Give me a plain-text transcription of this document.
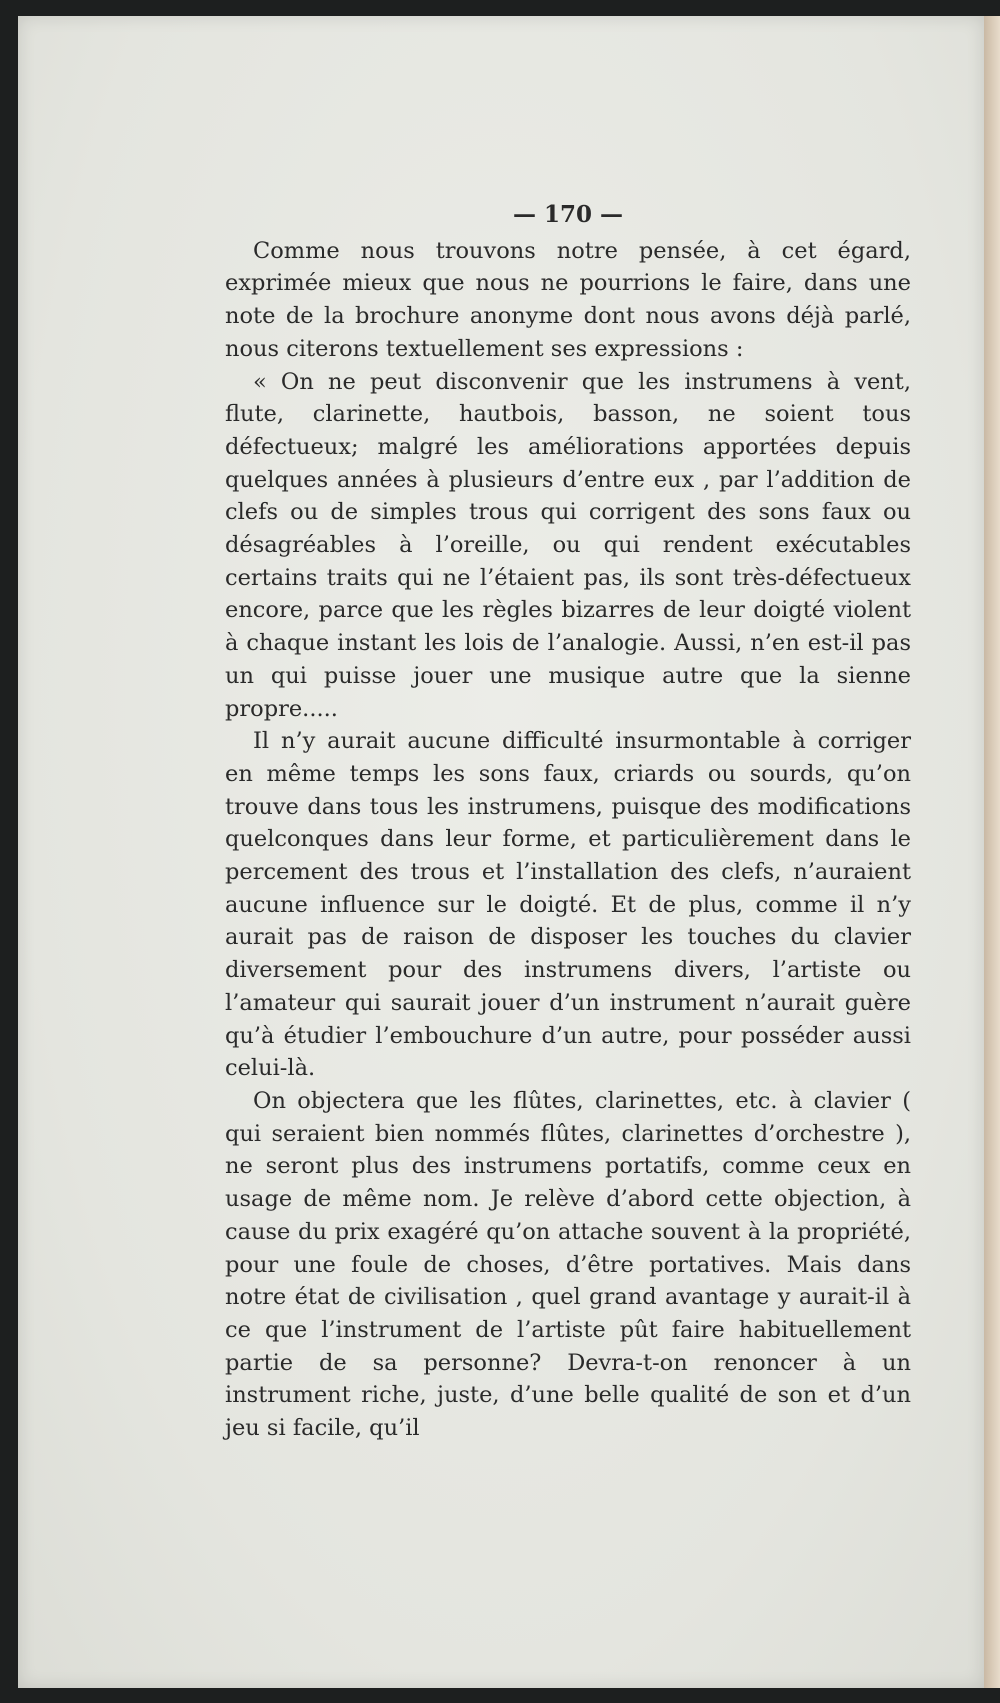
— 170 —

Comme nous trouvons notre pensée, à cet égard, exprimée mieux que nous ne pourrions le faire, dans une note de la brochure anonyme dont nous avons déjà parlé, nous citerons textuellement ses expressions :

« On ne peut disconvenir que les instrumens à vent, flute, clarinette, hautbois, basson, ne soient tous défectueux; malgré les améliorations apportées depuis quelques années à plusieurs d’entre eux , par l’addition de clefs ou de simples trous qui corrigent des sons faux ou désagréables à l’oreille, ou qui rendent exécutables certains traits qui ne l’étaient pas, ils sont très-défectueux encore, parce que les règles bizarres de leur doigté violent à chaque instant les lois de l’analogie. Aussi, n’en est-il pas un qui puisse jouer une musique autre que la sienne propre.....

Il n’y aurait aucune difficulté insurmontable à corriger en même temps les sons faux, criards ou sourds, qu’on trouve dans tous les instrumens, puisque des modifications quelconques dans leur forme, et particulièrement dans le percement des trous et l’installation des clefs, n’auraient aucune influence sur le doigté. Et de plus, comme il n’y aurait pas de raison de disposer les touches du clavier diversement pour des instrumens divers, l’artiste ou l’amateur qui saurait jouer d’un instrument n’aurait guère qu’à étudier l’embouchure d’un autre, pour posséder aussi celui-là.

On objectera que les flûtes, clarinettes, etc. à clavier ( qui seraient bien nommés flûtes, clarinettes d’orchestre ), ne seront plus des instrumens portatifs, comme ceux en usage de même nom. Je relève d’abord cette objection, à cause du prix exagéré qu’on attache souvent à la propriété, pour une foule de choses, d’être portatives. Mais dans notre état de civilisation , quel grand avantage y aurait-il à ce que l’instrument de l’artiste pût faire habituellement partie de sa personne? Devra-t-on renoncer à un instrument riche, juste, d’une belle qualité de son et d’un jeu si facile, qu’il
